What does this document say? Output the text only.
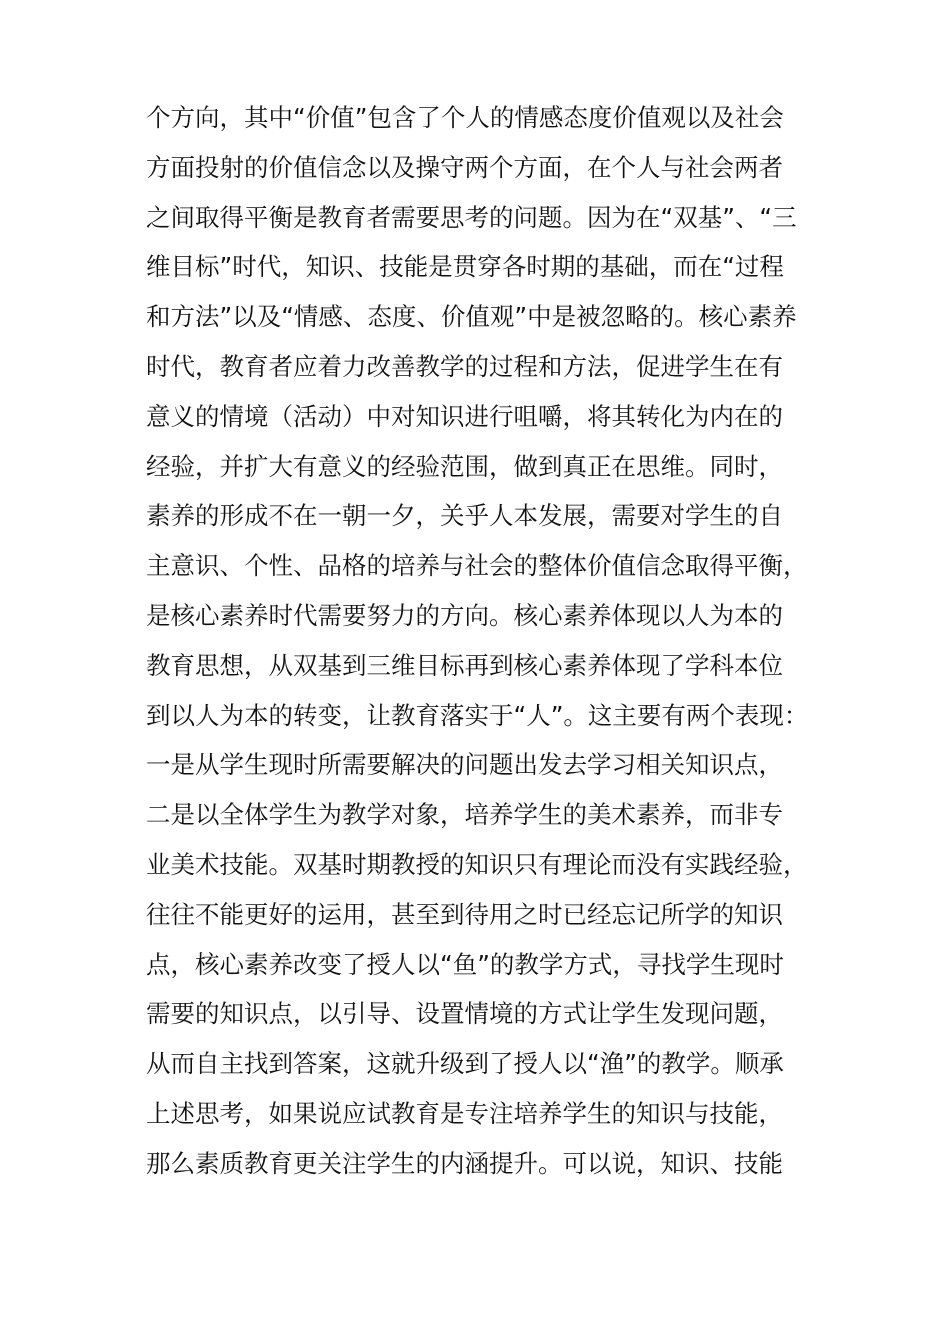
个方向，其中“价值”包含了个人的情感态度价值观以及社会
方面投射的价值信念以及操守两个方面，在个人与社会两者
之间取得平衡是教育者需要思考的问题。因为在“双基”、“三
维目标”时代，知识、技能是贯穿各时期的基础，而在“过程
和方法”以及“情感、态度、价值观”中是被忽略的。核心素养
时代，教育者应着力改善教学的过程和方法，促进学生在有
意义的情境（活动）中对知识进行咀嚼，将其转化为内在的
经验，并扩大有意义的经验范围，做到真正在思维。同时，
素养的形成不在一朝一夕，关乎人本发展，需要对学生的自
主意识、个性、品格的培养与社会的整体价值信念取得平衡，
是核心素养时代需要努力的方向。核心素养体现以人为本的
教育思想，从双基到三维目标再到核心素养体现了学科本位
到以人为本的转变，让教育落实于“人”。这主要有两个表现：
一是从学生现时所需要解决的问题出发去学习相关知识点，
二是以全体学生为教学对象，培养学生的美术素养，而非专
业美术技能。双基时期教授的知识只有理论而没有实践经验，
往往不能更好的运用，甚至到待用之时已经忘记所学的知识
点，核心素养改变了授人以“鱼”的教学方式，寻找学生现时
需要的知识点，以引导、设置情境的方式让学生发现问题，
从而自主找到答案，这就升级到了授人以“渔”的教学。顺承
上述思考，如果说应试教育是专注培养学生的知识与技能，
那么素质教育更关注学生的内涵提升。可以说，知识、技能
